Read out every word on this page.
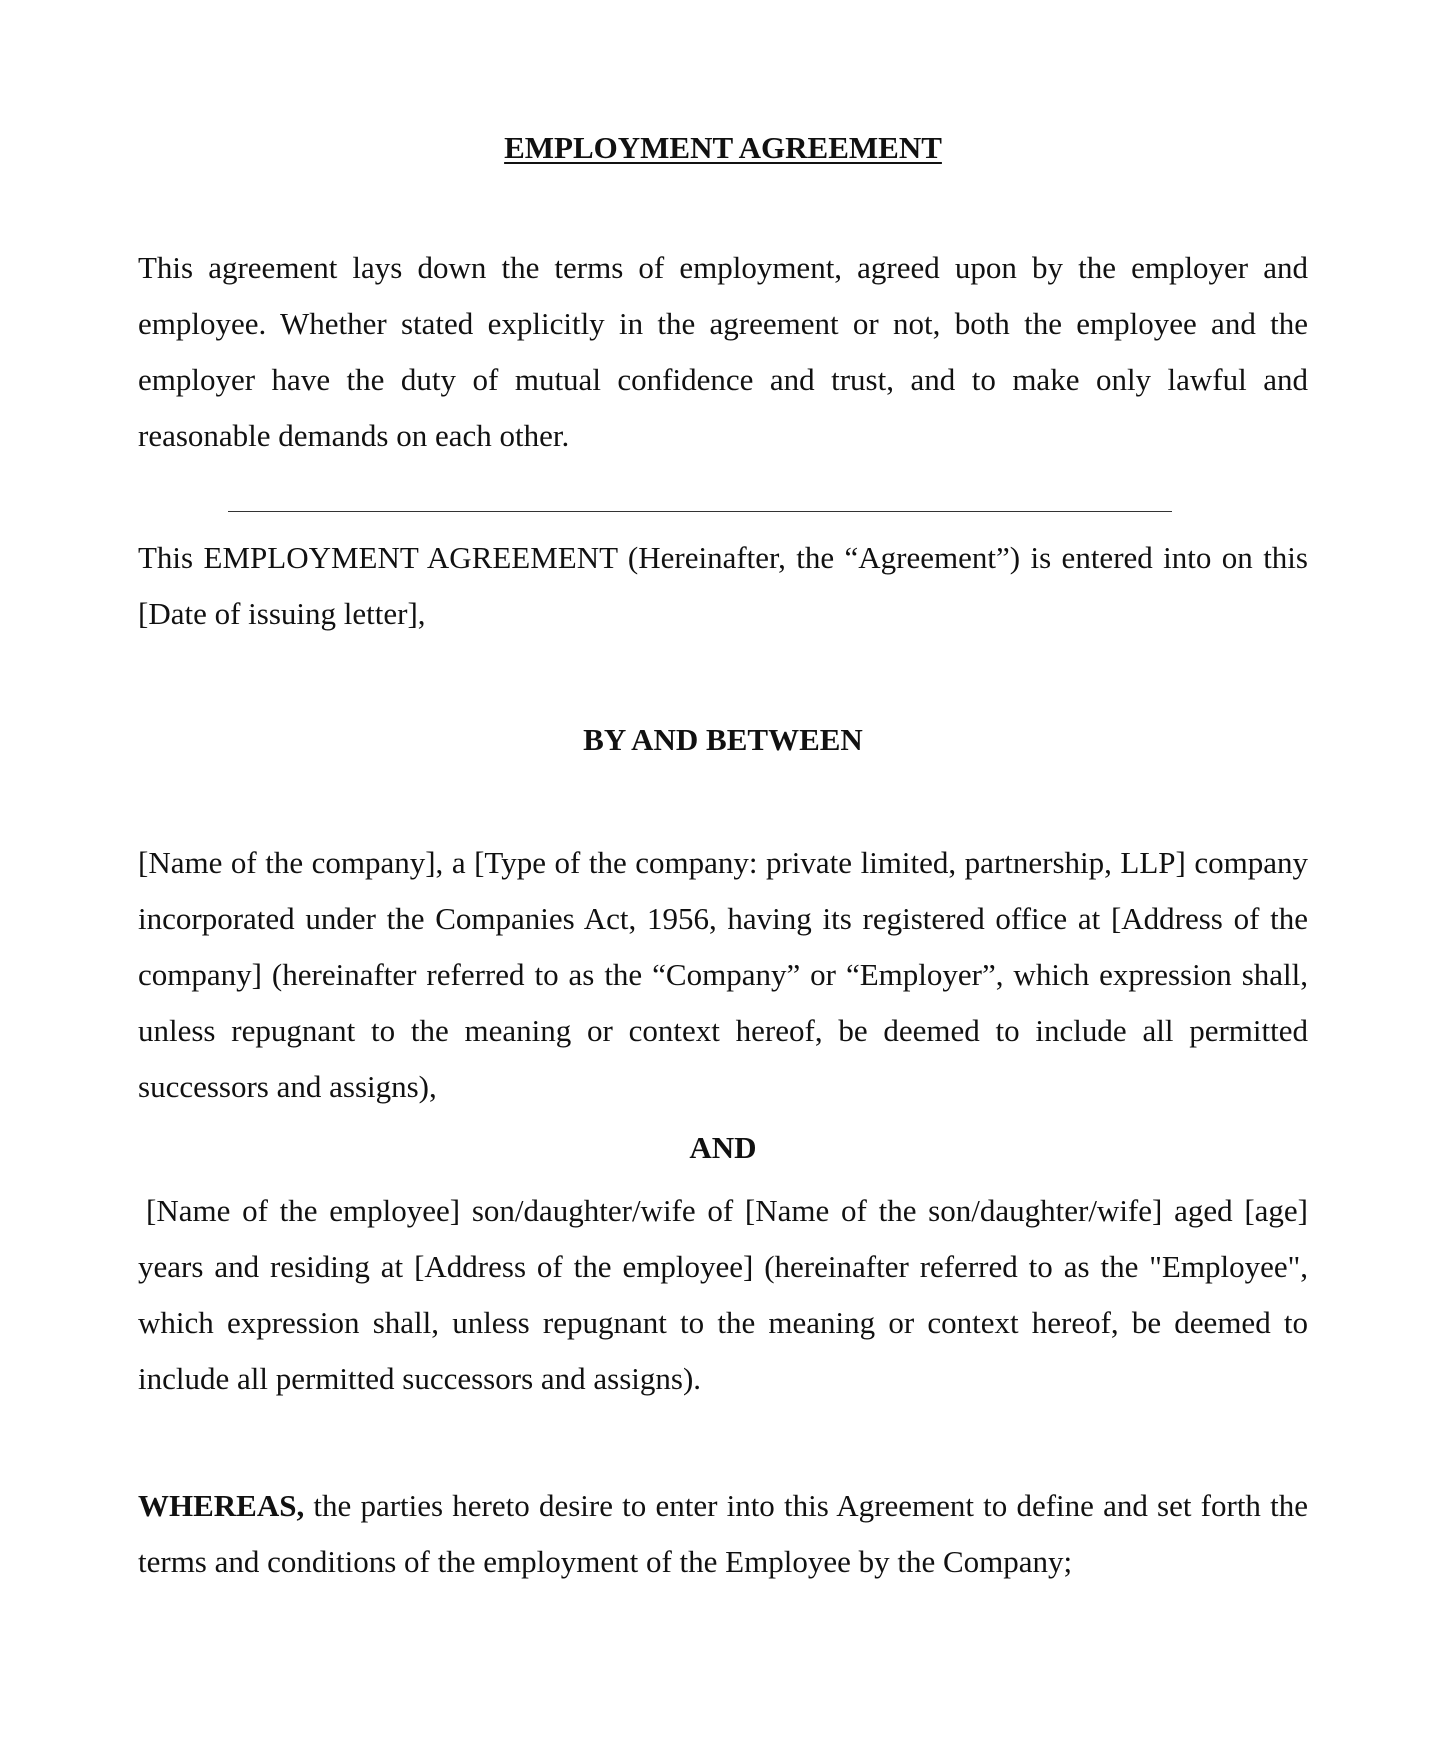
EMPLOYMENT AGREEMENT

This agreement lays down the terms of employment, agreed upon by the employer and employee. Whether stated explicitly in the agreement or not, both the employee and the employer have the duty of mutual confidence and trust, and to make only lawful and reasonable demands on each other.

This EMPLOYMENT AGREEMENT (Hereinafter, the “Agreement”) is entered into on this [Date of issuing letter],

BY AND BETWEEN

[Name of the company], a [Type of the company: private limited, partnership, LLP] company incorporated under the Companies Act, 1956, having its registered office at [Address of the company] (hereinafter referred to as the “Company” or “Employer”, which expression shall, unless repugnant to the meaning or context hereof, be deemed to include all permitted successors and assigns),

AND

[Name of the employee] son/daughter/wife of [Name of the son/daughter/wife] aged [age] years and residing at [Address of the employee] (hereinafter referred to as the "Employee", which expression shall, unless repugnant to the meaning or context hereof, be deemed to include all permitted successors and assigns).

WHEREAS, the parties hereto desire to enter into this Agreement to define and set forth the terms and conditions of the employment of the Employee by the Company;
